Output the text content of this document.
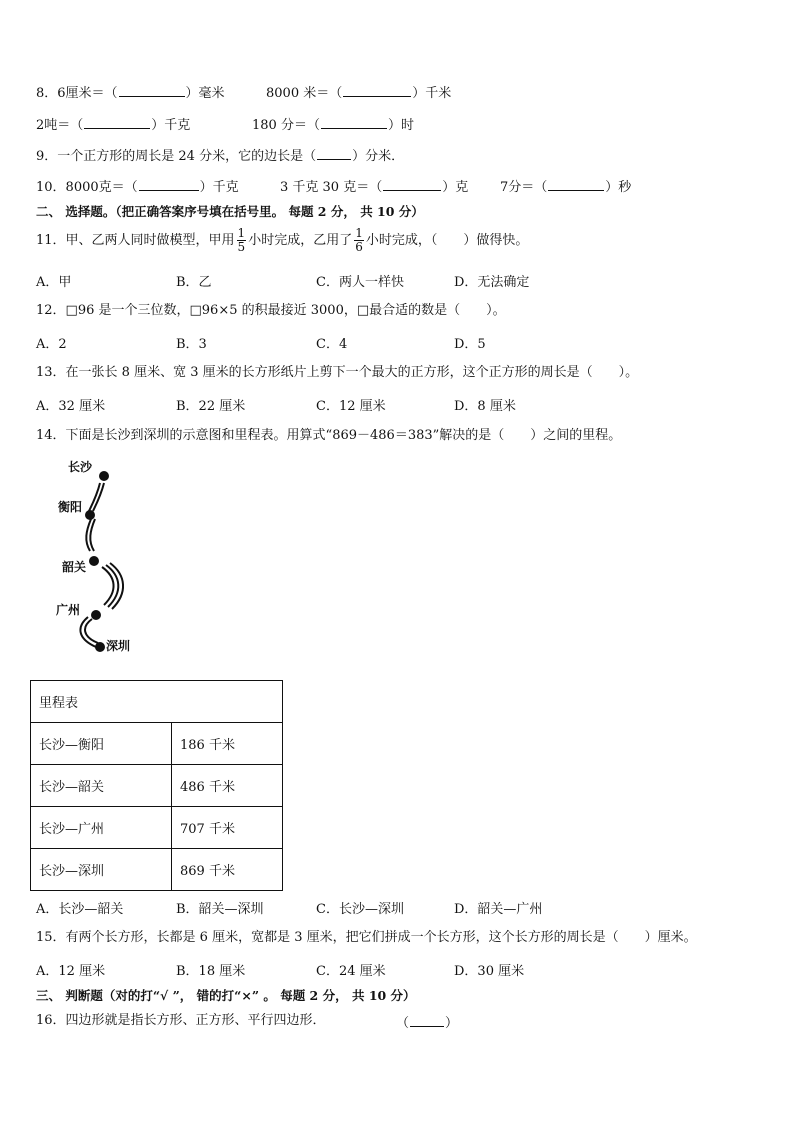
8．6厘米＝（	）毫米	8000 米＝（	）千米
2吨＝（	）千克	180 分＝（	）时
9．一个正方形的周长是 24 分米，它的边长是（	）分米．
10．8000克＝（	）千克	3 千克 30 克＝（	）克 7分＝（	）秒
二、 选择题。（把正确答案序号填在括号里。 每题 2 分， 共 10 分）
11．甲、乙两人同时做模型，甲用 $\frac{1}{5}$ 小时完成，乙用了 $\frac{1}{6}$ 小时完成，（　　）做得快。
A．甲	B．乙	C．两人一样快	D．无法确定
12．□96 是一个三位数，□96×5 的积最接近 3000，□最合适的数是（　　）。
A．2	B．3	C．4	D．5
13．在一张长 8 厘米、宽 3 厘米的长方形纸片上剪下一个最大的正方形，这个正方形的周长是（　　）。
A．32 厘米	B．22 厘米	C．12 厘米	D．8 厘米
14．下面是长沙到深圳的示意图和里程表。用算式“869－486＝383”解决的是（　　）之间的里程。
长沙
衡阳
韶关
广州
深圳
里程表	
长沙—衡阳	186 千米
长沙—韶关	486 千米
长沙—广州	707 千米
长沙—深圳	869 千米
A．长沙—韶关	B．韶关—深圳	C．长沙—深圳	D．韶关—广州
15．有两个长方形，长都是 6 厘米，宽都是 3 厘米，把它们拼成一个长方形，这个长方形的周长是（　　）厘米。
A．12 厘米	B．18 厘米	C．24 厘米	D．30 厘米
三、 判断题（对的打“√ ”， 错的打“×” 。 每题 2 分， 共 10 分）
16．四边形就是指长方形、正方形、平行四边形．	（	）
